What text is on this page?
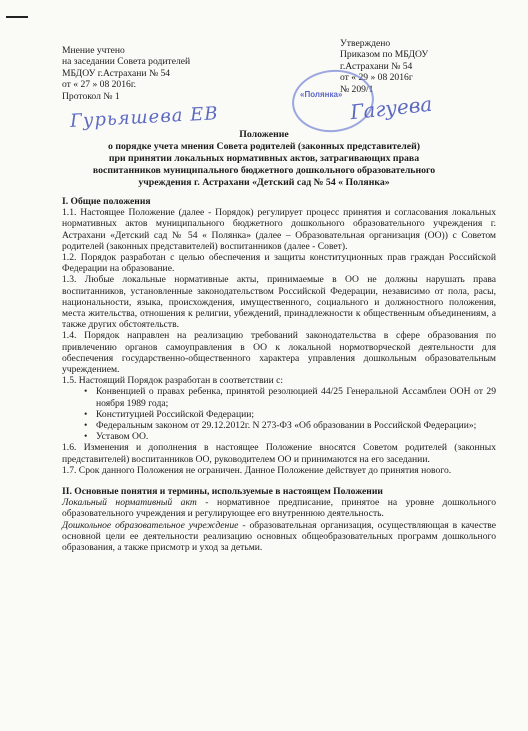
Мнение учтено
на заседании Совета родителей
МБДОУ г.Астрахани № 54
от « 27 » 08 2016г.
Протокол № 1
Утверждено
Приказом по МБДОУ
г.Астрахани № 54
от « 29 » 08 2016г
№ 209/1
«Полянка»
Гурьяшева ЕВ	Гагуева
Положение
о порядке учета мнения Совета родителей (законных представителей)
при принятии локальных нормативных актов, затрагивающих права
воспитанников муниципального бюджетного дошкольного образовательного
учреждения г. Астрахани «Детский сад № 54 « Полянка»

I. Общие положения

1.1. Настоящее Положение (далее - Порядок) регулирует процесс принятия и согласования локальных нормативных актов муниципального бюджетного дошкольного образовательного учреждения г. Астрахани «Детский сад № 54 « Полянка» (далее – Образовательная организация (ОО)) с Советом родителей (законных представителей) воспитанников (далее - Совет).

1.2. Порядок разработан с целью обеспечения и защиты конституционных прав граждан Российской Федерации на образование.

1.3. Любые локальные нормативные акты, принимаемые в ОО не должны нарушать права воспитанников, установленные законодательством Российской Федерации, независимо от пола, расы, национальности, языка, происхождения, имущественного, социального и должностного положения, места жительства, отношения к религии, убеждений, принадлежности к общественным объединениям, а также других обстоятельств.

1.4. Порядок направлен на реализацию требований законодательства в сфере образования по привлечению органов самоуправления в ОО к локальной нормотворческой деятельности для обеспечения государственно-общественного характера управления дошкольным образовательным учреждением.

1.5. Настоящий Порядок разработан в соответствии с:

• Конвенцией о правах ребенка, принятой резолюцией 44/25 Генеральной Ассамблеи ООН от 29 ноября 1989 года;
• Конституцией Российской Федерации;
• Федеральным законом от 29.12.2012г. N 273-ФЗ «Об образовании в Российской Федерации»;
• Уставом ОО.

1.6. Изменения и дополнения в настоящее Положение вносятся Советом родителей (законных представителей) воспитанников ОО, руководителем ОО и принимаются на его заседании.

1.7. Срок данного Положения не ограничен. Данное Положение действует до принятия нового.

II. Основные понятия и термины, используемые в настоящем Положении

Локальный нормативный акт - нормативное предписание, принятое на уровне дошкольного образовательного учреждения и регулирующее его внутреннюю деятельность.

Дошкольное образовательное учреждение - образовательная организация, осуществляющая в качестве основной цели ее деятельности реализацию основных общеобразовательных программ дошкольного образования, а также присмотр и уход за детьми.
